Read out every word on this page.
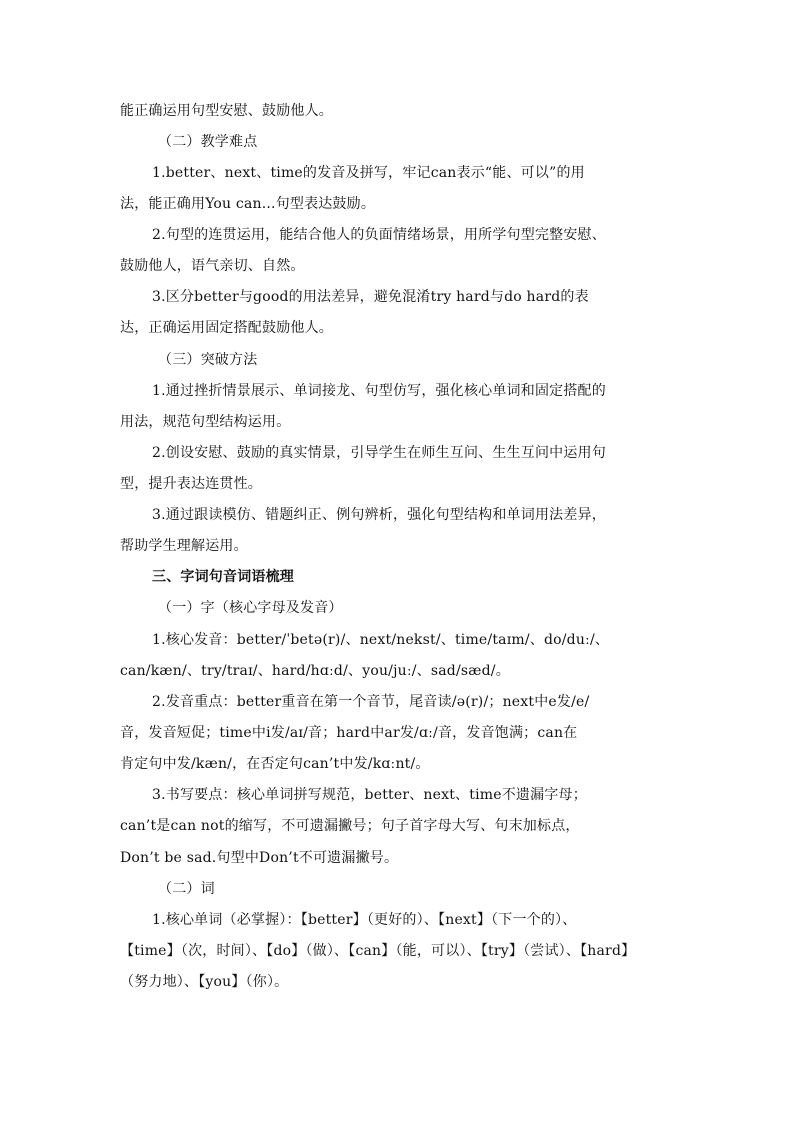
能正确运用句型安慰、鼓励他人。
（二）教学难点
1.better、next、time的发音及拼写，牢记can表示“能、可以”的用
法，能正确用You can...句型表达鼓励。
2.句型的连贯运用，能结合他人的负面情绪场景，用所学句型完整安慰、
鼓励他人，语气亲切、自然。
3.区分better与good的用法差异，避免混淆try hard与do hard的表
达，正确运用固定搭配鼓励他人。
（三）突破方法
1.通过挫折情景展示、单词接龙、句型仿写，强化核心单词和固定搭配的
用法，规范句型结构运用。
2.创设安慰、鼓励的真实情景，引导学生在师生互问、生生互问中运用句
型，提升表达连贯性。
3.通过跟读模仿、错题纠正、例句辨析，强化句型结构和单词用法差异，
帮助学生理解运用。
三、字词句音词语梳理
（一）字（核心字母及发音）
1.核心发音：better/ˈbetə(r)/、next/nekst/、time/taɪm/、do/duː/、
can/kæn/、try/traɪ/、hard/hɑːd/、you/juː/、sad/sæd/。
2.发音重点：better重音在第一个音节，尾音读/ə(r)/；next中e发/e/
音，发音短促；time中i发/aɪ/音；hard中ar发/ɑː/音，发音饱满；can在
肯定句中发/kæn/，在否定句can’t中发/kɑːnt/。
3.书写要点：核心单词拼写规范，better、next、time不遗漏字母；
can’t是can not的缩写，不可遗漏撇号；句子首字母大写、句末加标点，
Don’t be sad.句型中Don’t不可遗漏撇号。
（二）词
1.核心单词（必掌握）：【better】（更好的）、【next】（下一个的）、
【time】（次，时间）、【do】（做）、【can】（能，可以）、【try】（尝试）、【hard】
（努力地）、【you】（你）。
